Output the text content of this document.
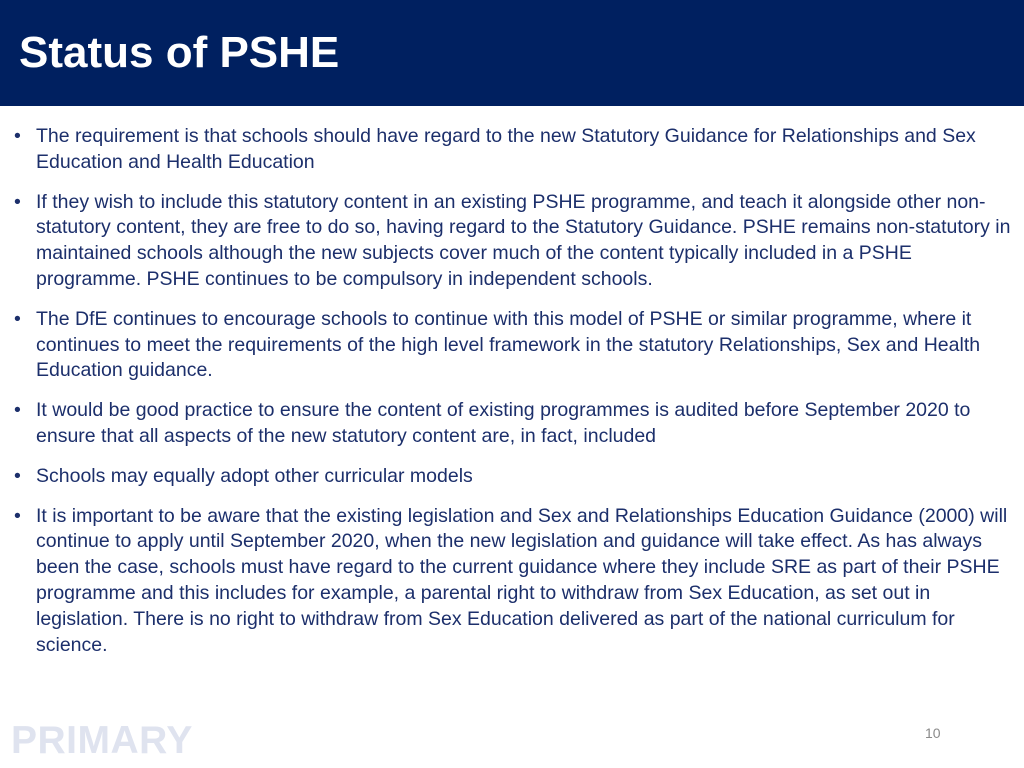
Status of PSHE
• The requirement is that schools should have regard to the new Statutory Guidance for Relationships and Sex Education and Health Education
• If they wish to include this statutory content in an existing PSHE programme, and teach it alongside other non-statutory content, they are free to do so, having regard to the Statutory Guidance. PSHE remains non-statutory in maintained schools although the new subjects cover much of the content typically included in a PSHE programme. PSHE continues to be compulsory in independent schools.
• The DfE continues to encourage schools to continue with this model of PSHE or similar programme, where it continues to meet the requirements of the high level framework in the statutory Relationships, Sex and Health Education guidance.
• It would be good practice to ensure the content of existing programmes is audited before September 2020 to ensure that all aspects of the new statutory content are, in fact, included
• Schools may equally adopt other curricular models
• It is important to be aware that the existing legislation and Sex and Relationships Education Guidance (2000) will continue to apply until September 2020, when the new legislation and guidance will take effect. As has always been the case, schools must have regard to the current guidance where they include SRE as part of their PSHE programme and this includes for example, a parental right to withdraw from Sex Education, as set out in legislation. There is no right to withdraw from Sex Education delivered as part of the national curriculum for science.
PRIMARY	10
